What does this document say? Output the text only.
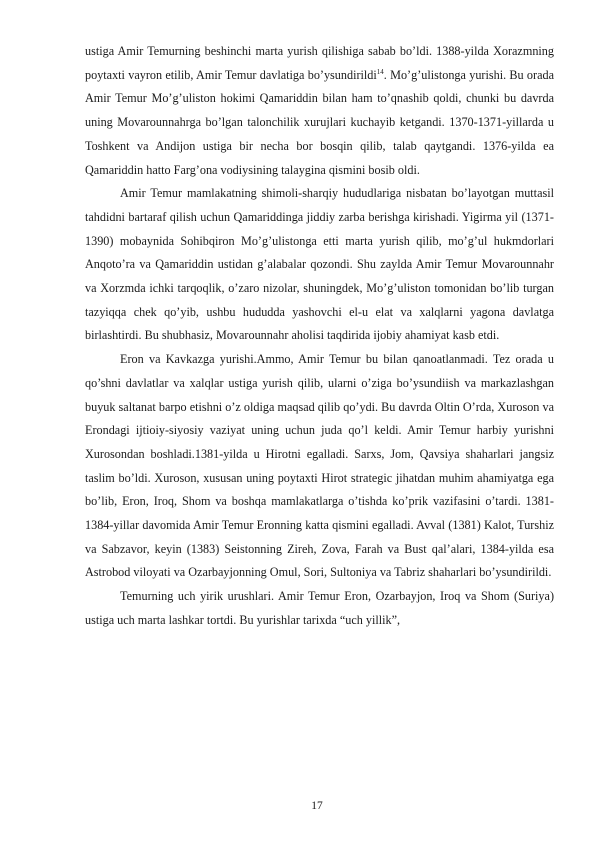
ustiga Amir Temurning beshinchi marta yurish qilishiga sabab bo’ldi. 1388-yilda Xorazmning poytaxti vayron etilib, Amir Temur davlatiga bo’ysundirildi$^{14}$. Mo’g’ulistonga yurishi. Bu orada Amir Temur Mo’g’uliston hokimi Qamariddin bilan ham to’qnashib qoldi, chunki bu davrda uning Movarounnahrga bo’lgan talonchilik xurujlari kuchayib ketgandi. 1370-1371-yillarda u Toshkent va Andijon ustiga bir necha bor bosqin qilib, talab qaytgandi. 1376-yilda ea Qamariddin hatto Farg’ona vodiysining talaygina qismini bosib oldi.

Amir Temur mamlakatning shimoli-sharqiy hududlariga nisbatan bo’layotgan muttasil tahdidni bartaraf qilish uchun Qamariddinga jiddiy zarba berishga kirishadi. Yigirma yil (1371-1390) mobaynida Sohibqiron Mo’g’ulistonga etti marta yurish qilib, mo’g’ul hukmdorlari Anqoto’ra va Qamariddin ustidan g’alabalar qozondi. Shu zaylda Amir Temur Movarounnahr va Xorzmda ichki tarqoqlik, o’zaro nizolar, shuningdek, Mo’g’uliston tomonidan bo’lib turgan tazyiqqa chek qo’yib, ushbu hududda yashovchi el-u elat va xalqlarni yagona davlatga birlashtirdi. Bu shubhasiz, Movarounnahr aholisi taqdirida ijobiy ahamiyat kasb etdi.

Eron va Kavkazga yurishi.Ammo, Amir Temur bu bilan qanoatlanmadi. Tez orada u qo’shni davlatlar va xalqlar ustiga yurish qilib, ularni o’ziga bo’ysundiish va markazlashgan buyuk saltanat barpo etishni o’z oldiga maqsad qilib qo’ydi. Bu davrda Oltin O’rda, Xuroson va Erondagi ijtioiy-siyosiy vaziyat uning uchun juda qo’l keldi. Amir Temur harbiy yurishni Xurosondan boshladi.1381-yilda u Hirotni egalladi. Sarxs, Jom, Qavsiya shaharlari jangsiz taslim bo’ldi. Xuroson, xususan uning poytaxti Hirot strategic jihatdan muhim ahamiyatga ega bo’lib, Eron, Iroq, Shom va boshqa mamlakatlarga o’tishda ko’prik vazifasini o’tardi. 1381-1384-yillar davomida Amir Temur Eronning katta qismini egalladi. Avval (1381) Kalot, Turshiz va Sabzavor, keyin (1383) Seistonning Zireh, Zova, Farah va Bust qal’alari, 1384-yilda esa Astrobod viloyati va Ozarbayjonning Omul, Sori, Sultoniya va Tabriz shaharlari bo’ysundirildi.

Temurning uch yirik urushlari. Amir Temur Eron, Ozarbayjon, Iroq va Shom (Suriya) ustiga uch marta lashkar tortdi. Bu yurishlar tarixda “uch yillik”,

17
